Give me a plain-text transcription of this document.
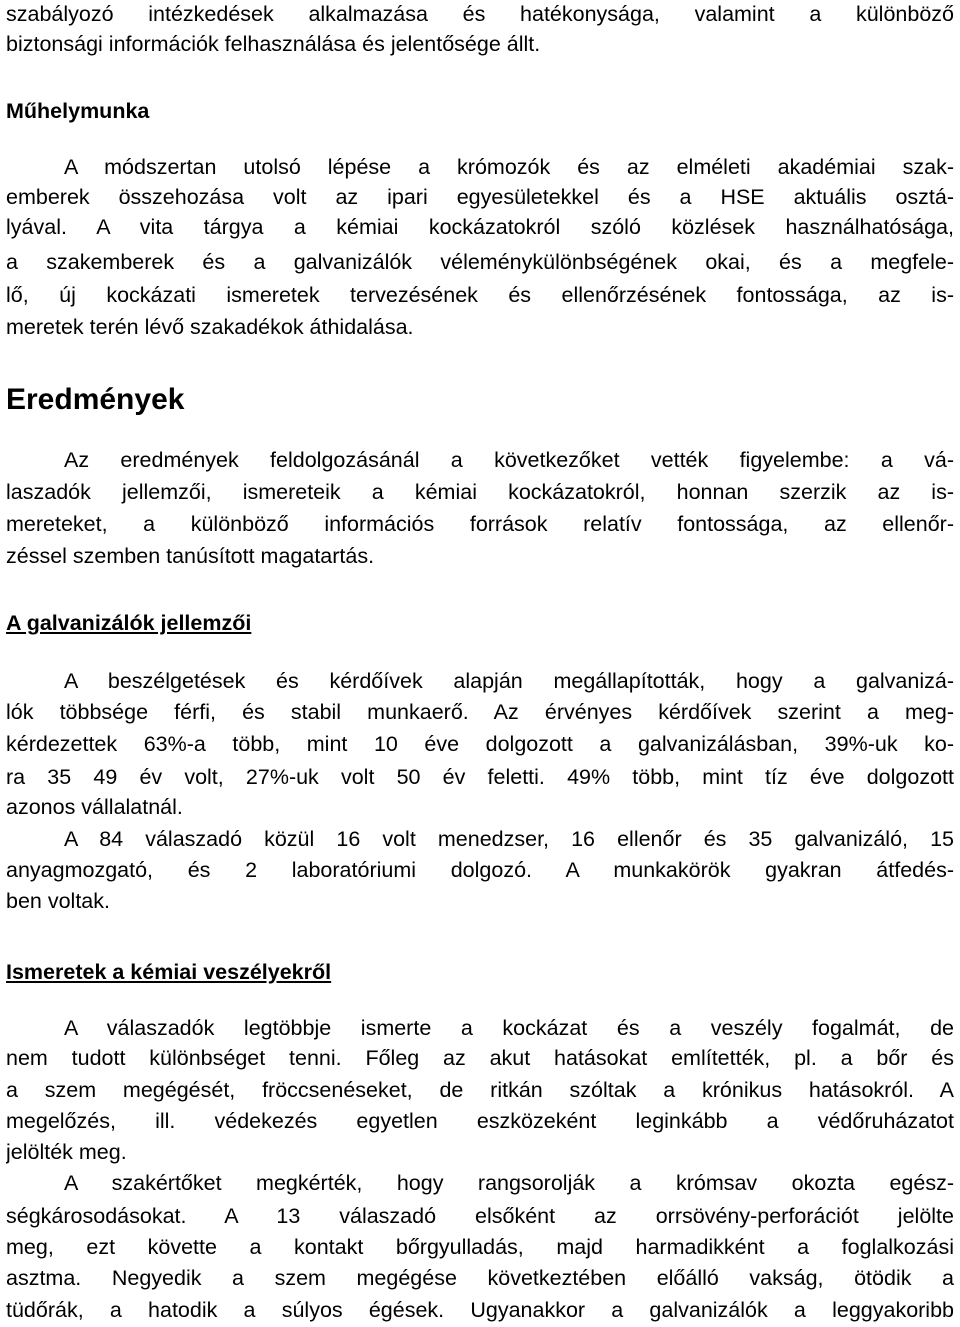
szabályozó intézkedések alkalmazása és hatékonysága, valamint a különböző
biztonsági információk felhasználása és jelentősége állt.
Műhelymunka
A módszertan utolsó lépése a krómozók és az elméleti akadémiai szak-
emberek összehozása volt az ipari egyesületekkel és a HSE aktuális osztá-
lyával. A vita tárgya a kémiai kockázatokról szóló közlések használhatósága,
a szakemberek és a galvanizálók véleménykülönbségének okai, és a megfele-
lő, új kockázati ismeretek tervezésének és ellenőrzésének fontossága, az is-
meretek terén lévő szakadékok áthidalása.
Eredmények
Az eredmények feldolgozásánál a következőket vették figyelembe: a vá-
laszadók jellemzői, ismereteik a kémiai kockázatokról, honnan szerzik az is-
mereteket, a különböző információs források relatív fontossága, az ellenőr-
zéssel szemben tanúsított magatartás.
A galvanizálók jellemzői
A beszélgetések és kérdőívek alapján megállapították, hogy a galvanizá-
lók többsége férfi, és stabil munkaerő. Az érvényes kérdőívek szerint a meg-
kérdezettek 63%-a több, mint 10 éve dolgozott a galvanizálásban, 39%-uk ko-
ra 35 49 év volt, 27%-uk volt 50 év feletti. 49% több, mint tíz éve dolgozott
azonos vállalatnál.
A 84 válaszadó közül 16 volt menedzser, 16 ellenőr és 35 galvanizáló, 15
anyagmozgató, és 2 laboratóriumi dolgozó. A munkakörök gyakran átfedés-
ben voltak.
Ismeretek a kémiai veszélyekről
A válaszadók legtöbbje ismerte a kockázat és a veszély fogalmát, de
nem tudott különbséget tenni. Főleg az akut hatásokat említették, pl. a bőr és
a szem megégését, fröccsenéseket, de ritkán szóltak a krónikus hatásokról. A
megelőzés, ill. védekezés egyetlen eszközeként leginkább a védőruházatot
jelölték meg.
A szakértőket megkérték, hogy rangsorolják a krómsav okozta egész-
ségkárosodásokat. A 13 válaszadó elsőként az orrsövény-perforációt jelölte
meg, ezt követte a kontakt bőrgyulladás, majd harmadikként a foglalkozási
asztma. Negyedik a szem megégése következtében előálló vakság, ötödik a
tüdőrák, a hatodik a súlyos égések. Ugyanakkor a galvanizálók a leggyakoribb
